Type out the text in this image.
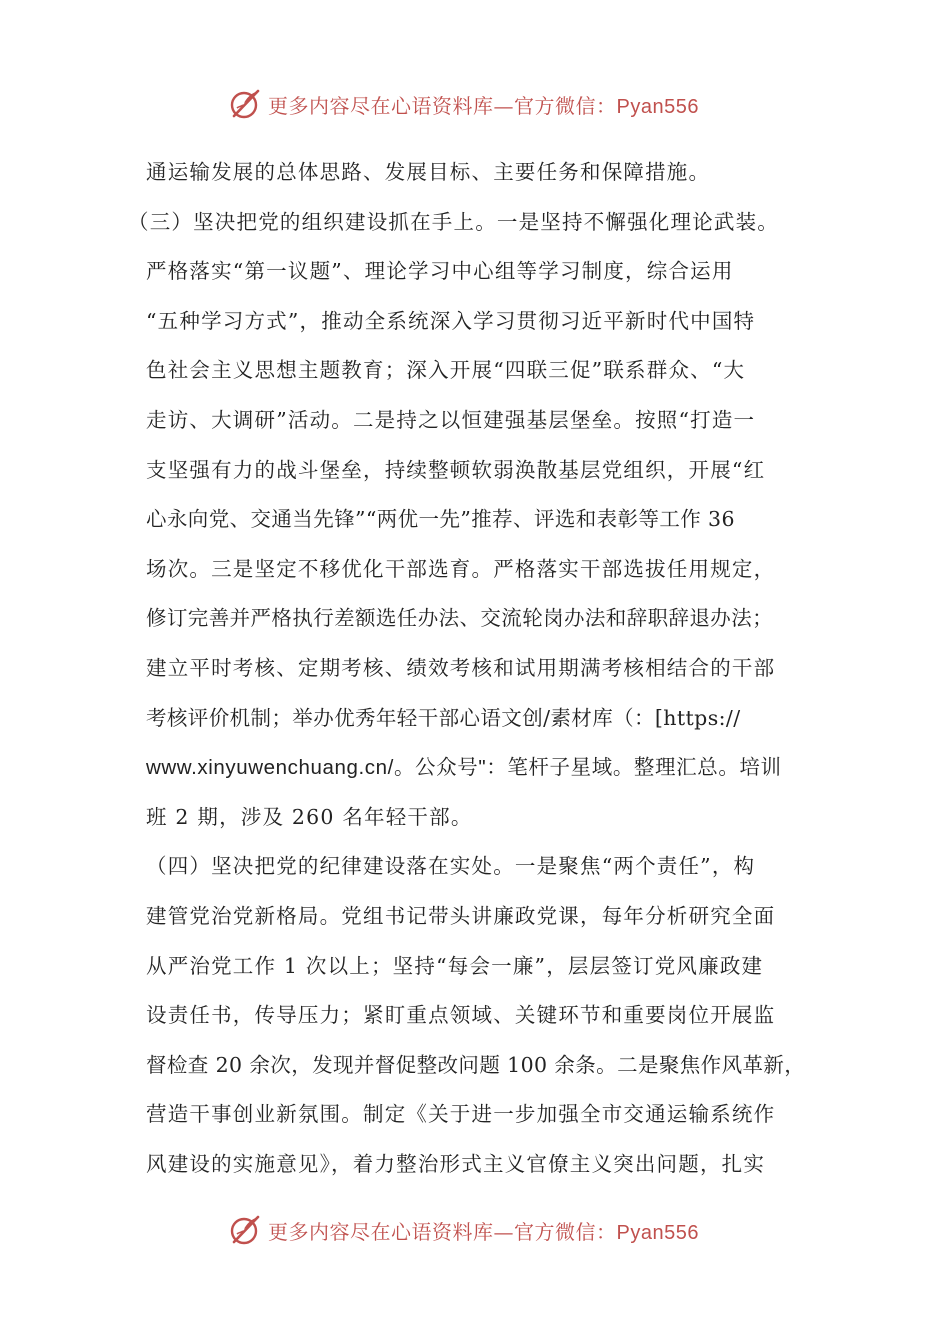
更多内容尽在心语资料库—官方微信：Pyan556
通运输发展的总体思路、发展目标、主要任务和保障措施。
（三）坚决把党的组织建设抓在手上。一是坚持不懈强化理论武装。
严格落实“第一议题”、理论学习中心组等学习制度，综合运用
“五种学习方式”，推动全系统深入学习贯彻习近平新时代中国特
色社会主义思想主题教育；深入开展“四联三促”联系群众、“大
走访、大调研”活动。二是持之以恒建强基层堡垒。按照“打造一
支坚强有力的战斗堡垒，持续整顿软弱涣散基层党组织，开展“红
心永向党、交通当先锋”“两优一先”推荐、评选和表彰等工作 36
场次。三是坚定不移优化干部选育。严格落实干部选拔任用规定，
修订完善并严格执行差额选任办法、交流轮岗办法和辞职辞退办法；
建立平时考核、定期考核、绩效考核和试用期满考核相结合的干部
考核评价机制；举办优秀年轻干部心语文创/素材库（：[https://
www.xinyuwenchuang.cn/。公众号"：笔杆子星域。整理汇总。培训
班 2 期，涉及 260 名年轻干部。
（四）坚决把党的纪律建设落在实处。一是聚焦“两个责任”，构
建管党治党新格局。党组书记带头讲廉政党课，每年分析研究全面
从严治党工作 1 次以上；坚持“每会一廉”，层层签订党风廉政建
设责任书，传导压力；紧盯重点领域、关键环节和重要岗位开展监
督检查 20 余次，发现并督促整改问题 100 余条。二是聚焦作风革新，
营造干事创业新氛围。制定《关于进一步加强全市交通运输系统作
风建设的实施意见》，着力整治形式主义官僚主义突出问题，扎实
更多内容尽在心语资料库—官方微信：Pyan556
